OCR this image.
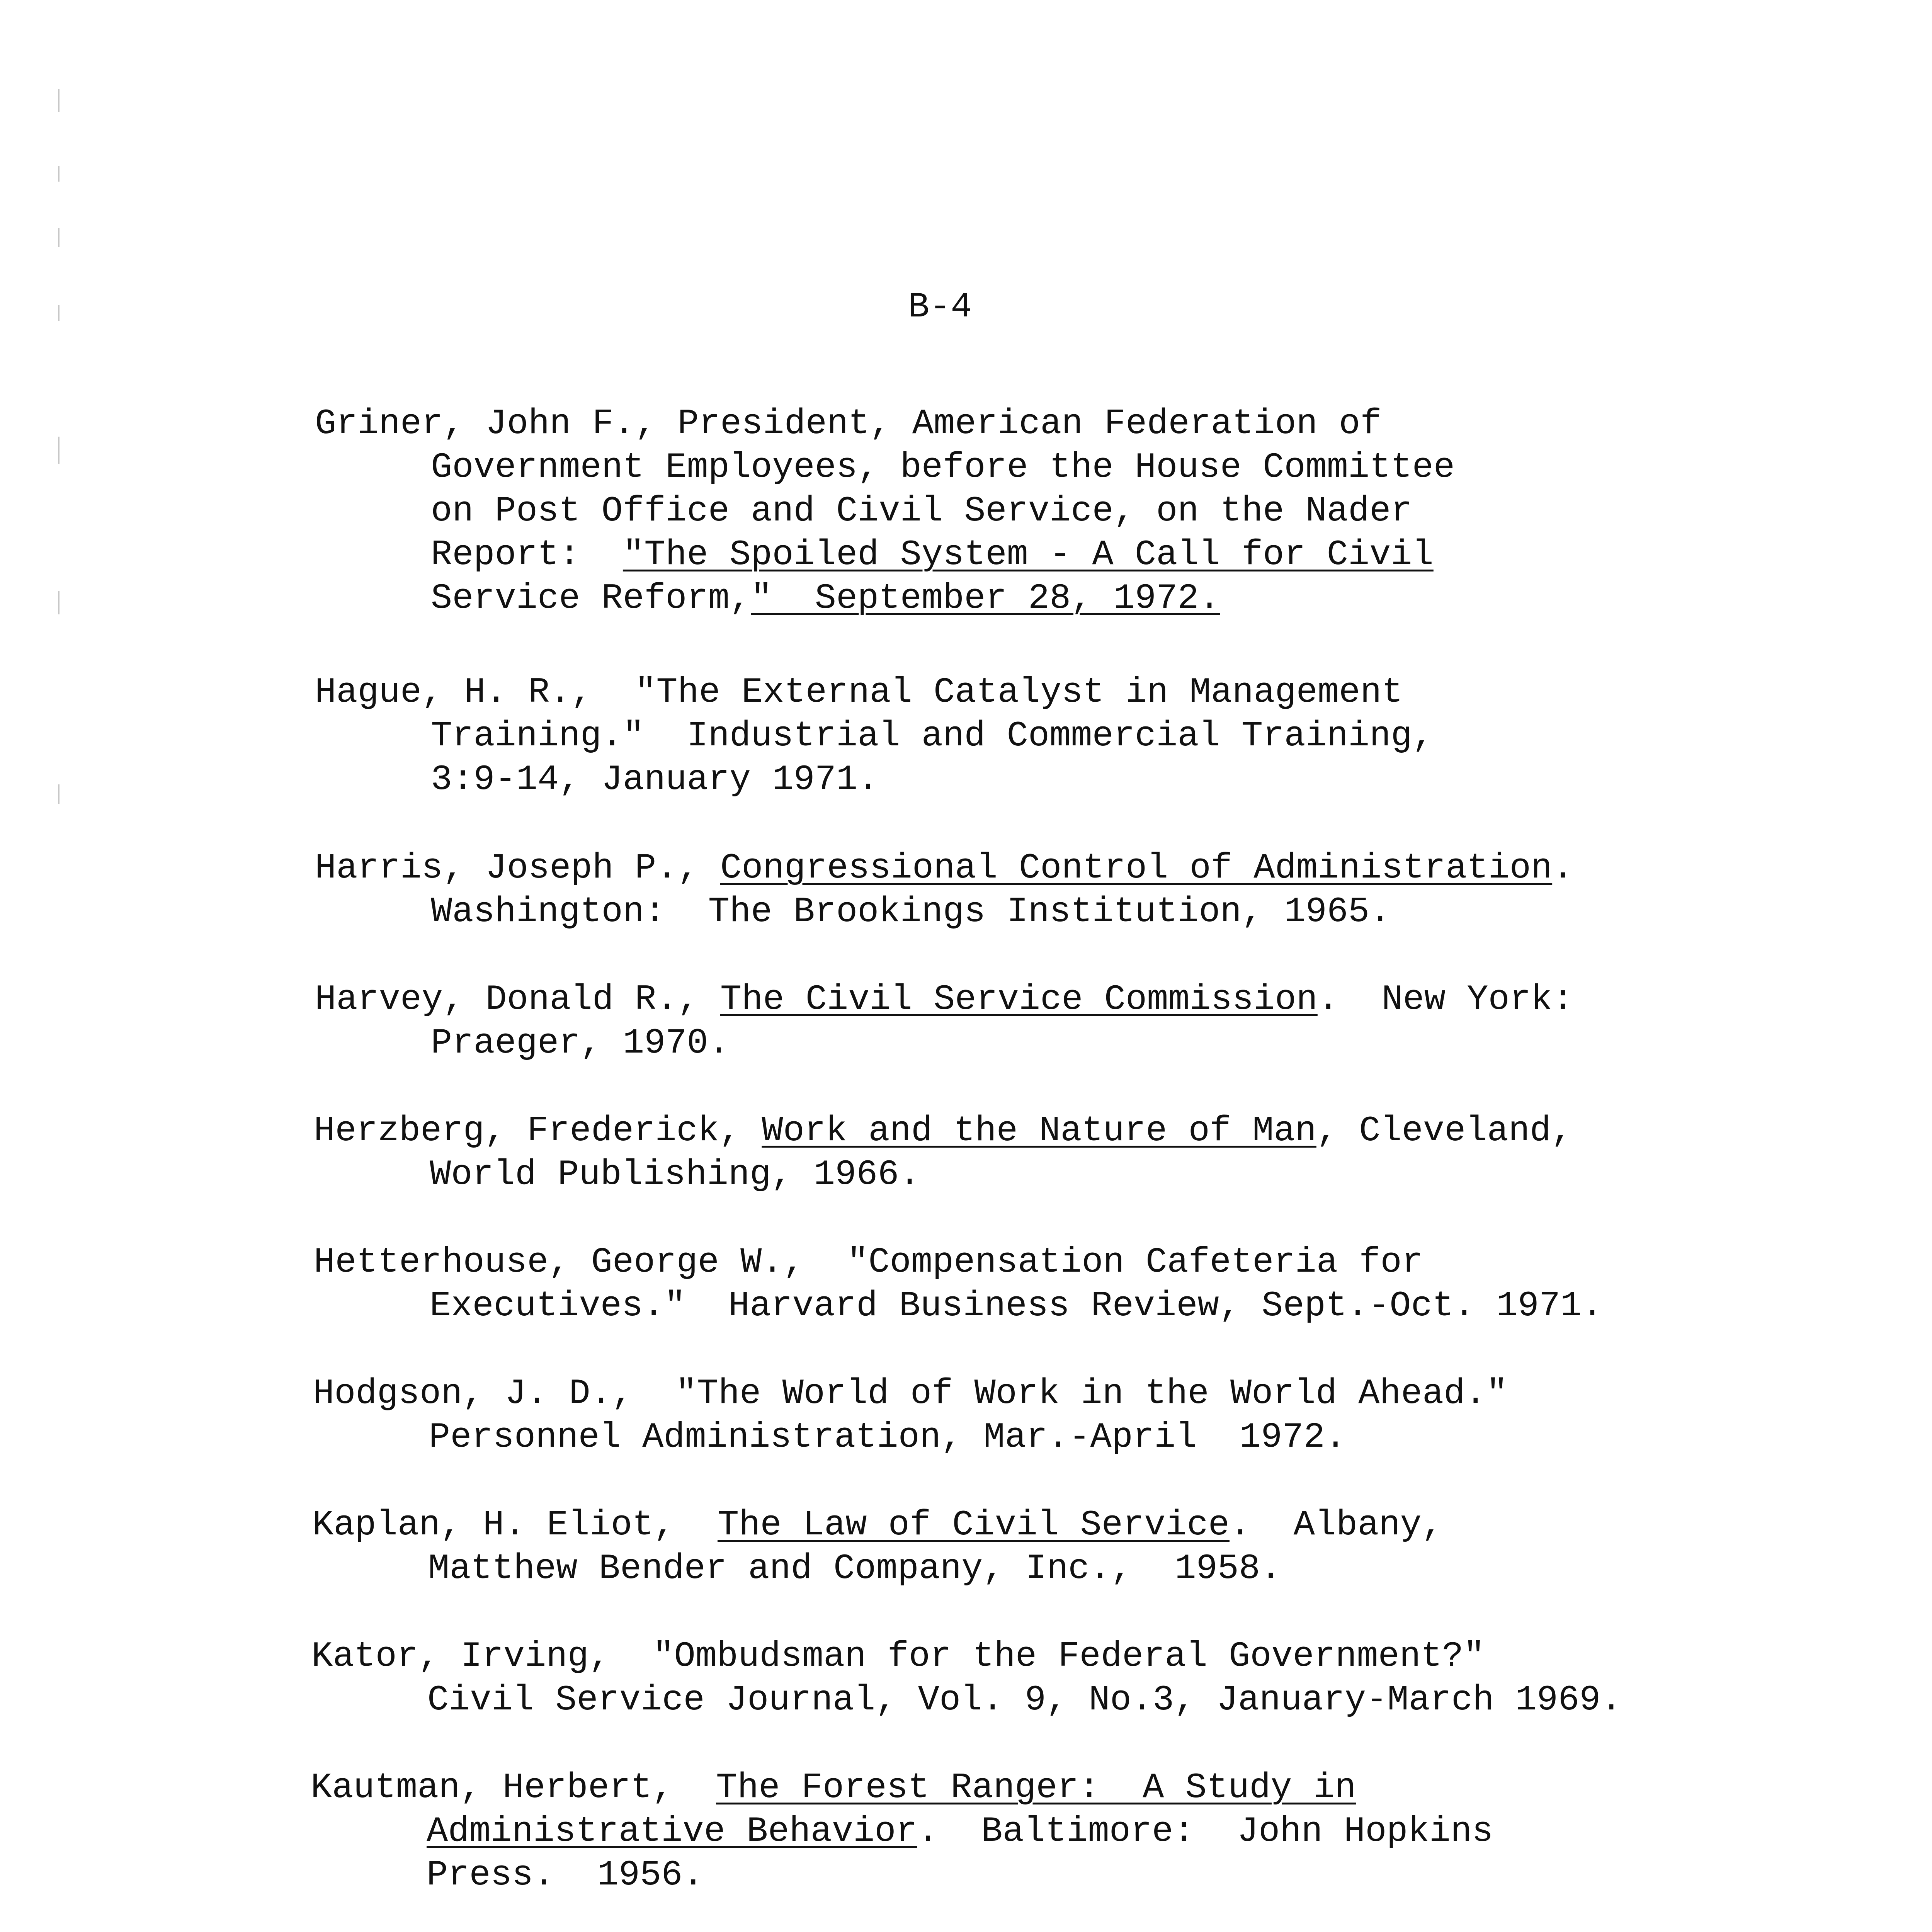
B-4
Griner, John F., President, American Federation of
Government Employees, before the House Committee
on Post Office and Civil Service, on the Nader
Report:  "The Spoiled System - A Call for Civil
Service Reform,"  September 28, 1972.
Hague, H. R.,  "The External Catalyst in Management
Training."  Industrial and Commercial Training,
3:9-14, January 1971.
Harris, Joseph P., Congressional Control of Administration.
Washington:  The Brookings Institution, 1965.
Harvey, Donald R., The Civil Service Commission.  New York:
Praeger, 1970.
Herzberg, Frederick, Work and the Nature of Man, Cleveland,
World Publishing, 1966.
Hetterhouse, George W.,  "Compensation Cafeteria for
Executives."  Harvard Business Review, Sept.-Oct. 1971.
Hodgson, J. D.,  "The World of Work in the World Ahead."
Personnel Administration, Mar.-April  1972.
Kaplan, H. Eliot,  The Law of Civil Service.  Albany,
Matthew Bender and Company, Inc.,  1958.
Kator, Irving,  "Ombudsman for the Federal Government?"
Civil Service Journal, Vol. 9, No.3, January-March 1969.
Kautman, Herbert,  The Forest Ranger:  A Study in
Administrative Behavior.  Baltimore:  John Hopkins
Press.  1956.
